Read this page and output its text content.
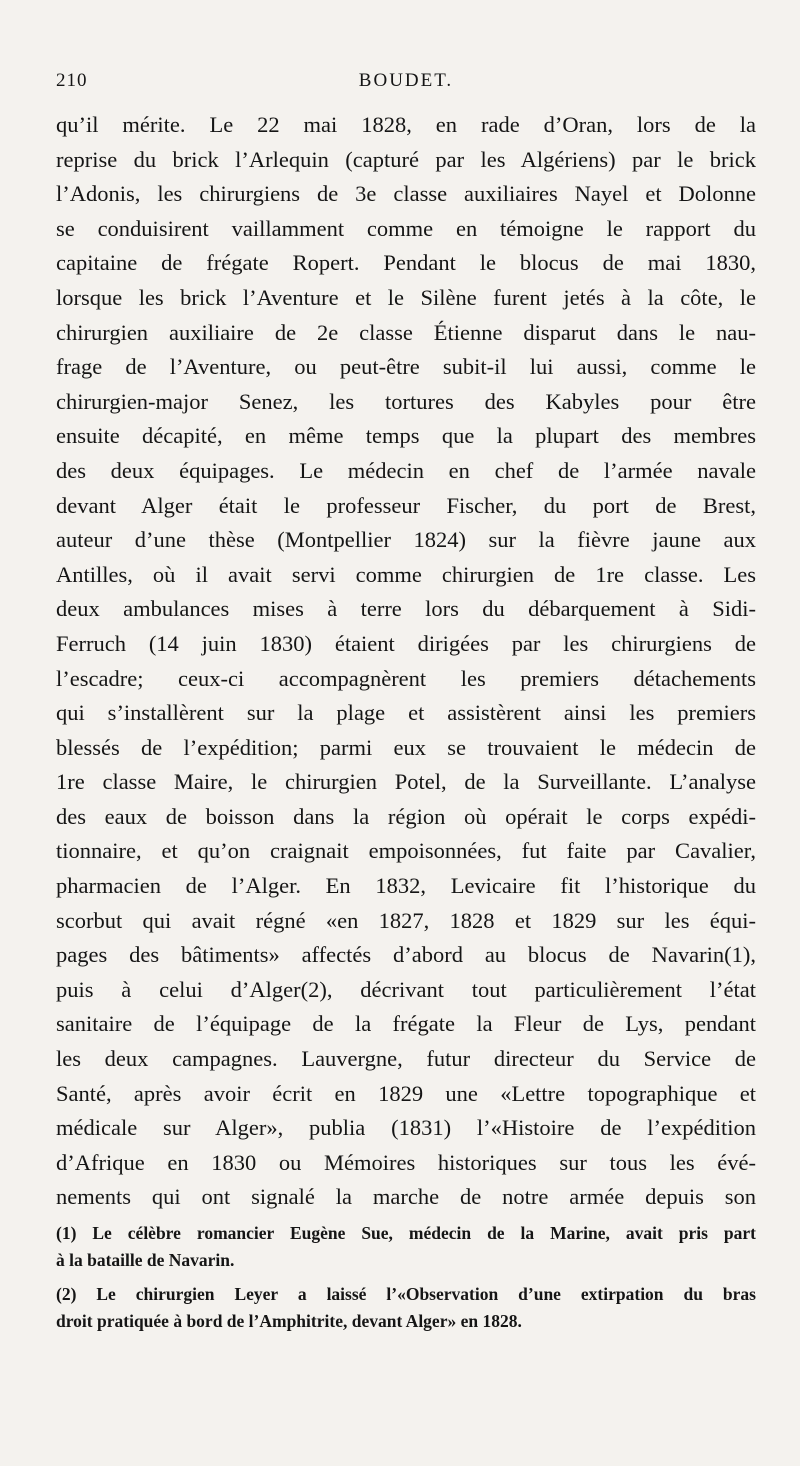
210	BOUDET.
qu’il mérite. Le 22 mai 1828, en rade d’Oran, lors de la
reprise du brick l’Arlequin (capturé par les Algériens) par le brick
l’Adonis, les chirurgiens de 3e classe auxiliaires Nayel et Dolonne
se conduisirent vaillamment comme en témoigne le rapport du
capitaine de frégate Ropert. Pendant le blocus de mai 1830,
lorsque les brick l’Aventure et le Silène furent jetés à la côte, le
chirurgien auxiliaire de 2e classe Étienne disparut dans le nau-
frage de l’Aventure, ou peut-être subit-il lui aussi, comme le
chirurgien-major Senez, les tortures des Kabyles pour être
ensuite décapité, en même temps que la plupart des membres
des deux équipages. Le médecin en chef de l’armée navale
devant Alger était le professeur Fischer, du port de Brest,
auteur d’une thèse (Montpellier 1824) sur la fièvre jaune aux
Antilles, où il avait servi comme chirurgien de 1re classe. Les
deux ambulances mises à terre lors du débarquement à Sidi-
Ferruch (14 juin 1830) étaient dirigées par les chirurgiens de
l’escadre; ceux-ci accompagnèrent les premiers détachements
qui s’installèrent sur la plage et assistèrent ainsi les premiers
blessés de l’expédition; parmi eux se trouvaient le médecin de
1re classe Maire, le chirurgien Potel, de la Surveillante. L’analyse
des eaux de boisson dans la région où opérait le corps expédi-
tionnaire, et qu’on craignait empoisonnées, fut faite par Cavalier,
pharmacien de l’Alger. En 1832, Levicaire fit l’historique du
scorbut qui avait régné «en 1827, 1828 et 1829 sur les équi-
pages des bâtiments» affectés d’abord au blocus de Navarin(1),
puis à celui d’Alger(2), décrivant tout particulièrement l’état
sanitaire de l’équipage de la frégate la Fleur de Lys, pendant
les deux campagnes. Lauvergne, futur directeur du Service de
Santé, après avoir écrit en 1829 une «Lettre topographique et
médicale sur Alger», publia (1831) l’«Histoire de l’expédition
d’Afrique en 1830 ou Mémoires historiques sur tous les évé-
nements qui ont signalé la marche de notre armée depuis son
(1) Le célèbre romancier Eugène Sue, médecin de la Marine, avait pris part
à la bataille de Navarin.
(2) Le chirurgien Leyer a laissé l’«Observation d’une extirpation du bras
droit pratiquée à bord de l’Amphitrite, devant Alger» en 1828.
